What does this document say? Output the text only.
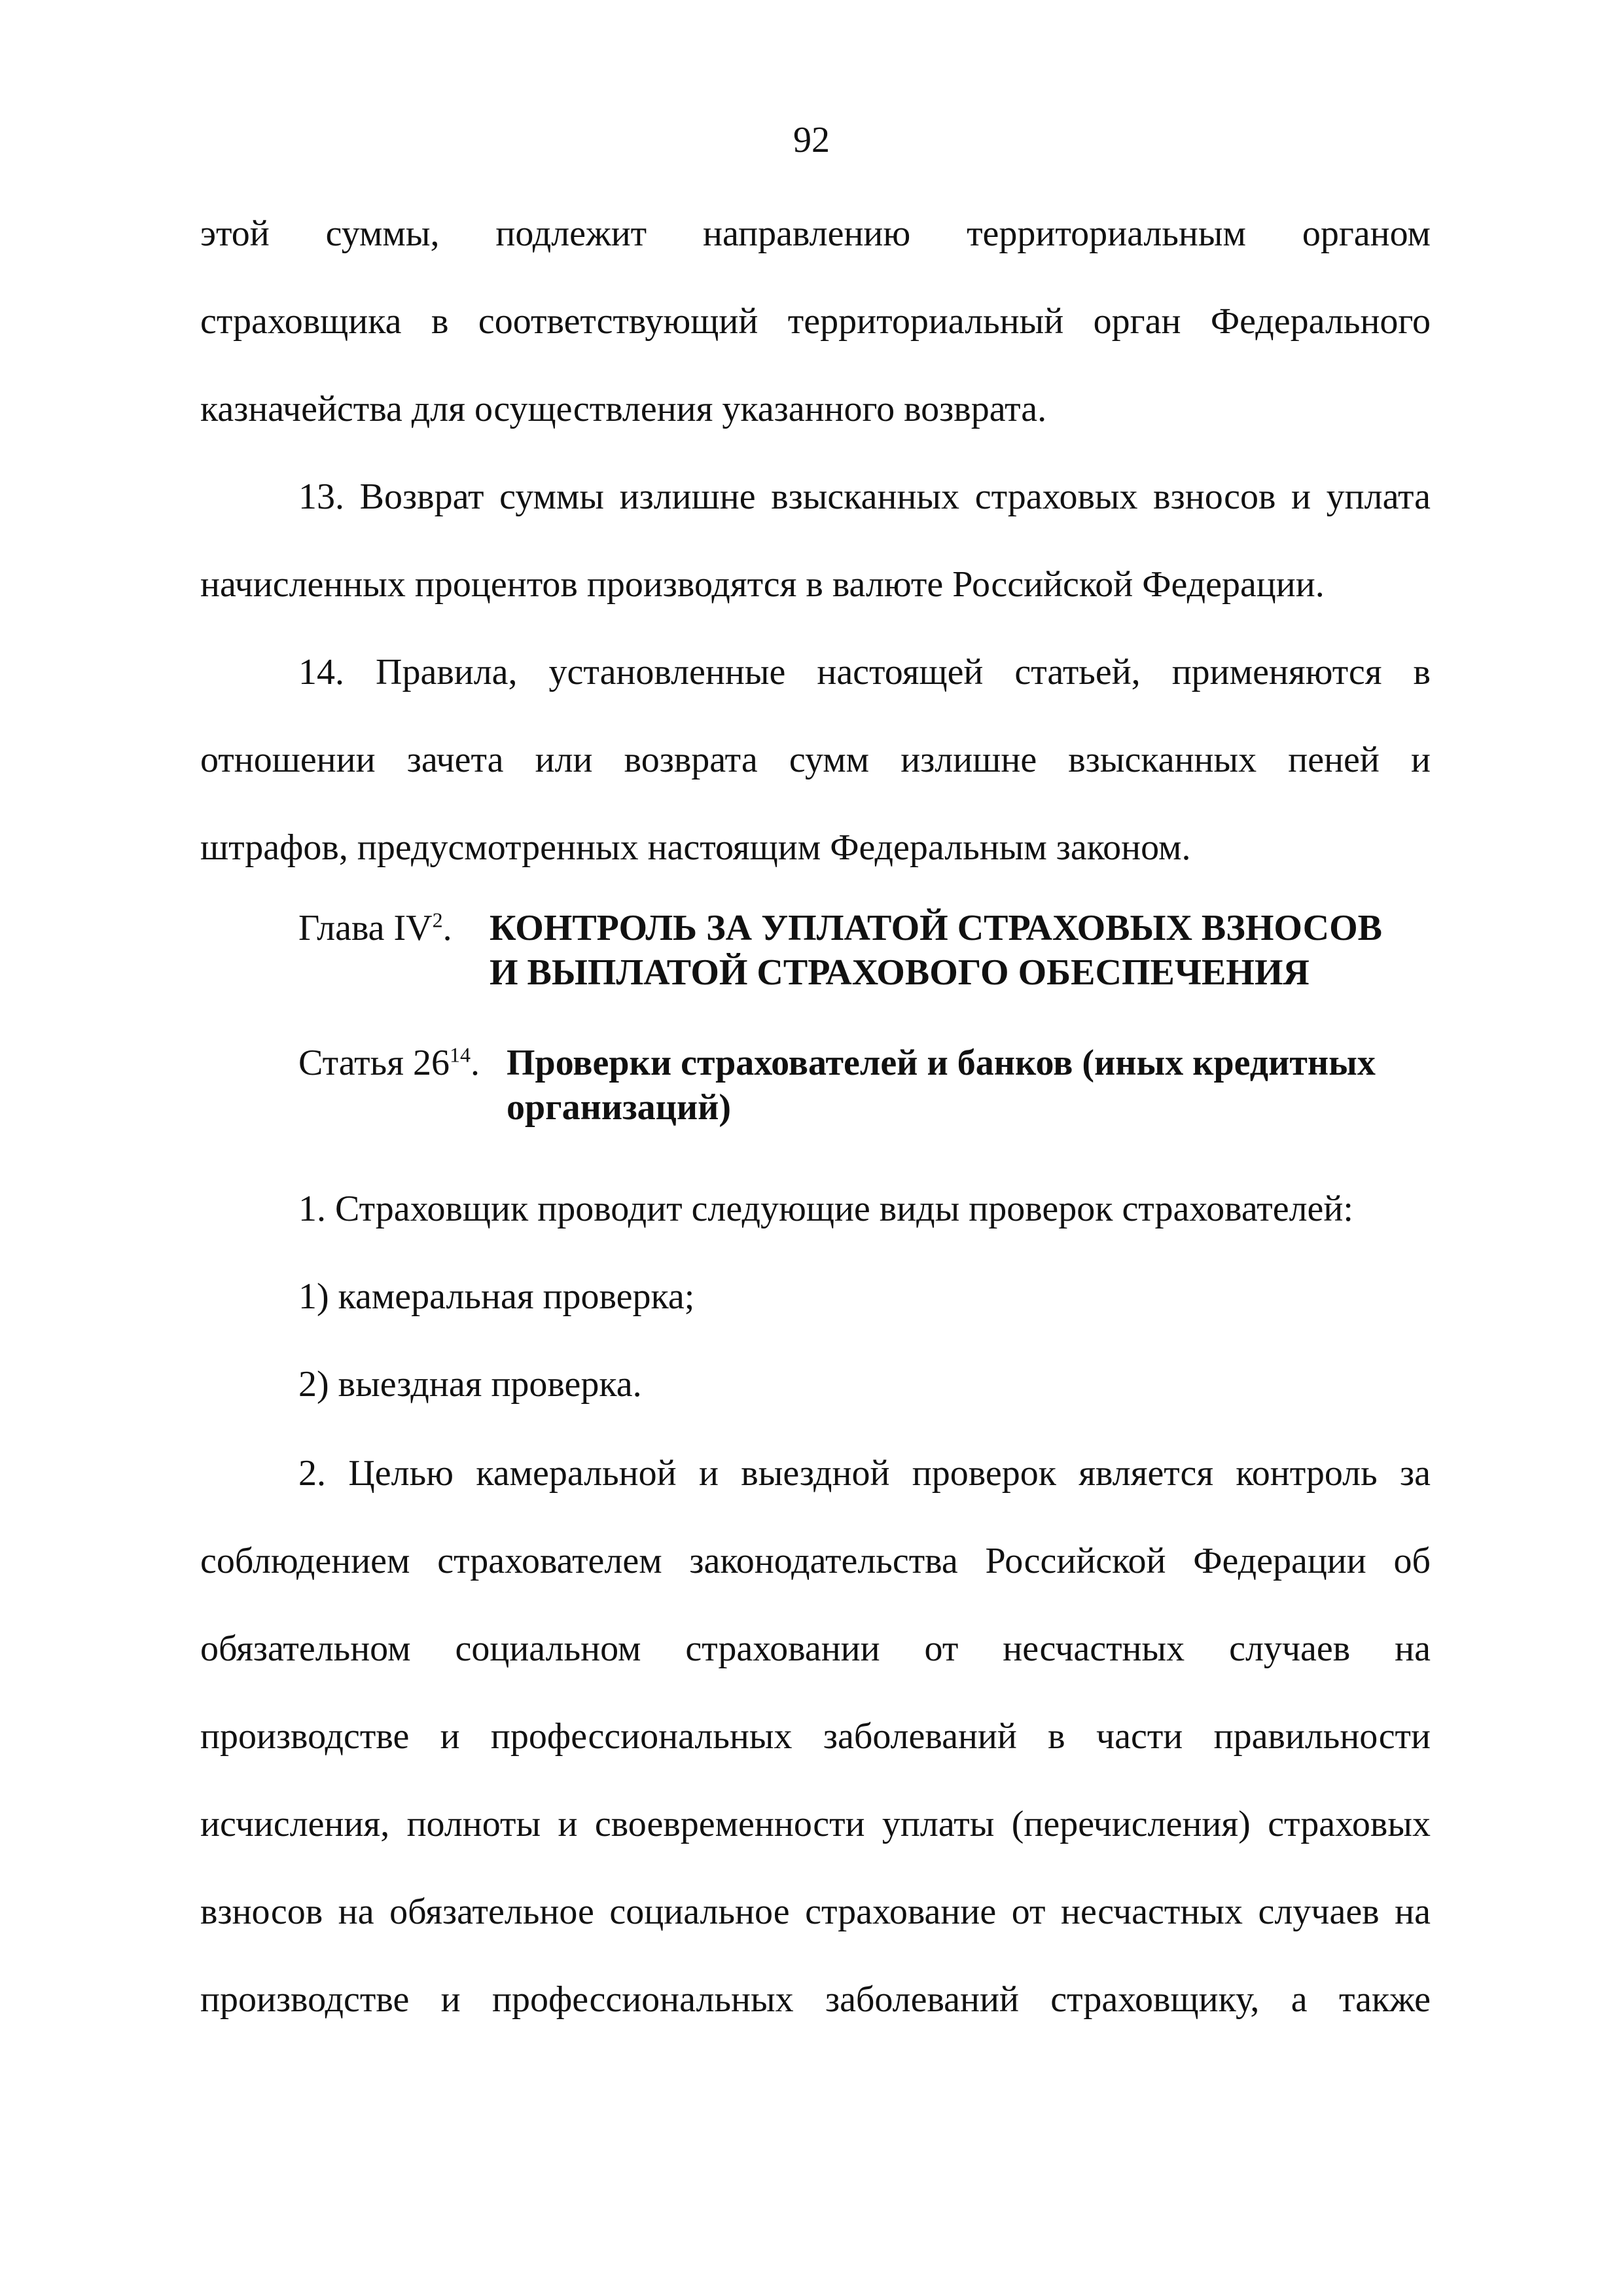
92
этой суммы, подлежит направлению территориальным органом
страховщика в соответствующий территориальный орган Федерального
казначейства для осуществления указанного возврата.
13. Возврат суммы излишне взысканных страховых взносов и уплата
начисленных процентов производятся в валюте Российской Федерации.
14. Правила, установленные настоящей статьей, применяются в
отношении зачета или возврата сумм излишне взысканных пеней и
штрафов, предусмотренных настоящим Федеральным законом.
Глава $IV^2$. КОНТРОЛЬ ЗА УПЛАТОЙ СТРАХОВЫХ ВЗНОСОВ
И ВЫПЛАТОЙ СТРАХОВОГО ОБЕСПЕЧЕНИЯ
Статья $26^{14}$. Проверки страхователей и банков (иных кредитных
организаций)
1. Страховщик проводит следующие виды проверок страхователей:
1) камеральная проверка;
2) выездная проверка.
2. Целью камеральной и выездной проверок является контроль за
соблюдением страхователем законодательства Российской Федерации об
обязательном социальном страховании от несчастных случаев на
производстве и профессиональных заболеваний в части правильности
исчисления, полноты и своевременности уплаты (перечисления) страховых
взносов на обязательное социальное страхование от несчастных случаев на
производстве и профессиональных заболеваний страховщику, а также
